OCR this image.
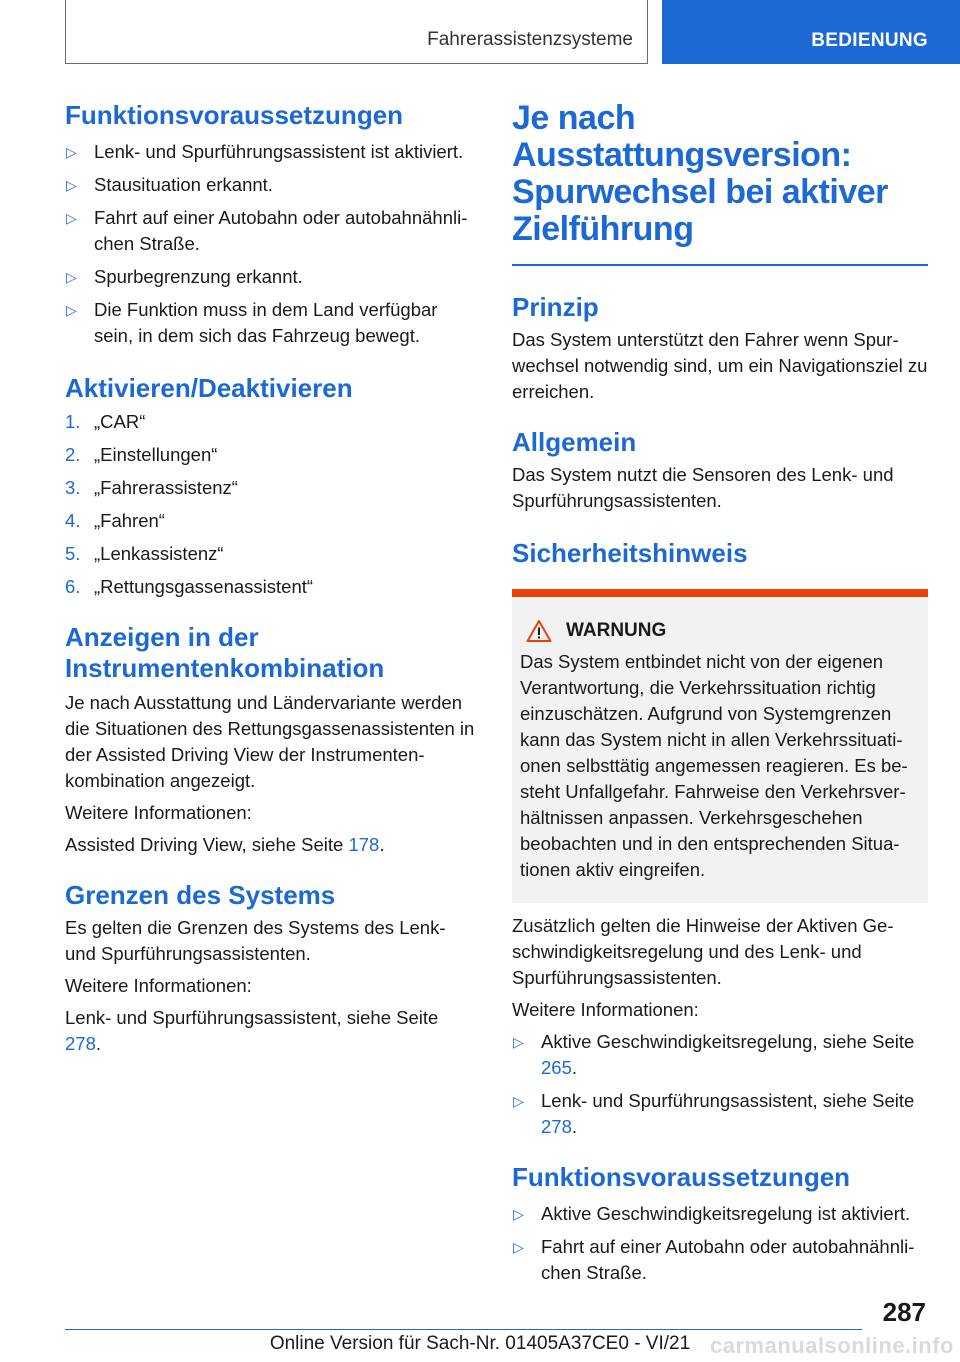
Fahrerassistenzsysteme	BEDIENUNG
Funktionsvoraussetzungen
▷ Lenk- und Spurführungsassistent ist aktiviert.
▷ Stausituation erkannt.
▷ Fahrt auf einer Autobahn oder autobahnähnli-chen Straße.
▷ Spurbegrenzung erkannt.
▷ Die Funktion muss in dem Land verfügbar sein, in dem sich das Fahrzeug bewegt.
Aktivieren/Deaktivieren
1. „CAR“
2. „Einstellungen“
3. „Fahrerassistenz“
4. „Fahren“
5. „Lenkassistenz“
6. „Rettungsgassenassistent“
Anzeigen in der Instrumentenkombination

Je nach Ausstattung und Ländervariante werden die Situationen des Rettungsgassenassistenten in der Assisted Driving View der Instrumenten-kombination angezeigt.

Weitere Informationen:

Assisted Driving View, siehe Seite 178.

Grenzen des Systems

Es gelten die Grenzen des Systems des Lenk- und Spurführungsassistenten.

Weitere Informationen:

Lenk- und Spurführungsassistent, siehe Seite 278.

Je nach Ausstattungsversion: Spurwechsel bei aktiver Zielführung
Prinzip

Das System unterstützt den Fahrer wenn Spur-wechsel notwendig sind, um ein Navigationsziel zu erreichen.

Allgemein

Das System nutzt die Sensoren des Lenk- und Spurführungsassistenten.

Sicherheitshinweis
WARNUNG

Das System entbindet nicht von der eigenen Verantwortung, die Verkehrssituation richtig einzuschätzen. Aufgrund von Systemgrenzen kann das System nicht in allen Verkehrssituati-onen selbsttätig angemessen reagieren. Es be-steht Unfallgefahr. Fahrweise den Verkehrsver-hältnissen anpassen. Verkehrsgeschehen beobachten und in den entsprechenden Situa-tionen aktiv eingreifen.

Zusätzlich gelten die Hinweise der Aktiven Ge-schwindigkeitsregelung und des Lenk- und Spurführungsassistenten.

Weitere Informationen:

▷ Aktive Geschwindigkeitsregelung, siehe Seite 265.
▷ Lenk- und Spurführungsassistent, siehe Seite 278.
Funktionsvoraussetzungen
▷ Aktive Geschwindigkeitsregelung ist aktiviert.
▷ Fahrt auf einer Autobahn oder autobahnähnli-chen Straße.
287
Online Version für Sach-Nr. 01405A37CE0 - VI/21 carmanualsonline.info
